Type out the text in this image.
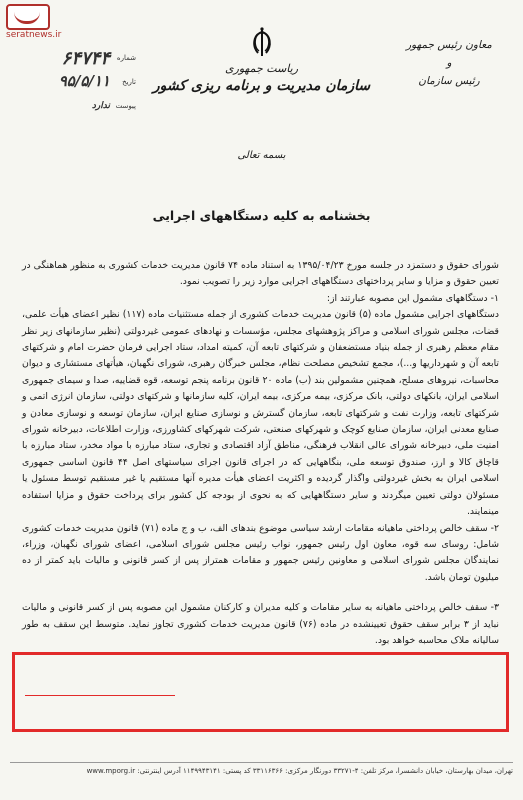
seratnews.ir
شماره
۶۴۷۴۴
تاریخ
۹۵/۵/۱۱
پیوست
ندارد
ریاست جمهوری
سازمان مدیریت و برنامه ریزی کشور
معاون رئیس جمهور
و
رئیس سازمان
بسمه تعالی
بخشنامه به کلیه دستگاههای اجرایی

شورای حقوق و دستمزد در جلسه مورخ ۱۳۹۵/۰۴/۲۳ به استناد ماده ۷۴ قانون مدیریت خدمات کشوری به منظور هماهنگی در تعیین حقوق و مزایا و سایر پرداختهای دستگاههای اجرایی موارد زیر را تصویب نمود.

۱- دستگاههای مشمول این مصوبه عبارتند از:

دستگاههای اجرایی مشمول ماده (۵) قانون مدیریت خدمات کشوری از جمله مستثنیات ماده (۱۱۷) نظیر اعضای هیأت علمی، قضات، مجلس شورای اسلامی و مراکز پژوهشهای مجلس، مؤسسات و نهادهای عمومی غیردولتی (نظیر سازمانهای زیر نظر مقام معظم رهبری از جمله بنیاد مستضعفان و شرکتهای تابعه آن، کمیته امداد، ستاد اجرایی فرمان حضرت امام و شرکتهای تابعه آن و شهرداریها و...)، مجمع تشخیص مصلحت نظام، مجلس خبرگان رهبری، شورای نگهبان، هیأتهای مستشاری و دیوان محاسبات، نیروهای مسلح، همچنین مشمولین بند (ب) ماده ۲۰ قانون برنامه پنجم توسعه، قوه قضاییه، صدا و سیمای جمهوری اسلامی ایران، بانکهای دولتی، بانک مرکزی، بیمه مرکزی، بیمه ایران، کلیه سازمانها و شرکتهای دولتی، سازمان انرژی اتمی و شرکتهای تابعه، وزارت نفت و شرکتهای تابعه، سازمان گسترش و نوسازی صنایع ایران، سازمان توسعه و نوسازی معادن و صنایع معدنی ایران، سازمان صنایع کوچک و شهرکهای صنعتی، شرکت شهرکهای کشاورزی، وزارت اطلاعات، دبیرخانه شورای امنیت ملی، دبیرخانه شورای عالی انقلاب فرهنگی، مناطق آزاد اقتصادی و تجاری، ستاد مبارزه با مواد مخدر، ستاد مبارزه با قاچاق کالا و ارز، صندوق توسعه ملی، بنگاههایی که در اجرای قانون اجرای سیاستهای اصل ۴۴ قانون اساسی جمهوری اسلامی ایران به بخش غیردولتی واگذار گردیده و اکثریت اعضای هیأت مدیره آنها مستقیم یا غیر مستقیم توسط مسئول یا مسئولان دولتی تعیین میگردند و سایر دستگاههایی که به نحوی از بودجه کل کشور برای پرداخت حقوق و مزایا استفاده مینمایند.

۲- سقف خالص پرداختی ماهیانه مقامات ارشد سیاسی موضوع بندهای الف، ب و ج ماده (۷۱) قانون مدیریت خدمات کشوری شامل: روسای سه قوه، معاون اول رئیس جمهور، نواب رئیس مجلس شورای اسلامی، اعضای شورای نگهبان، وزراء، نمایندگان مجلس شورای اسلامی و معاونین رئیس جمهور و مقامات همتراز پس از کسر قانونی و مالیات باید کمتر از ده میلیون تومان باشد.

۳- سقف خالص پرداختی ماهیانه به سایر مقامات و کلیه مدیران و کارکنان مشمول این مصوبه پس از کسر قانونی و مالیات نباید از ۳ برابر سقف حقوق تعیینشده در ماده (۷۶) قانون مدیریت خدمات کشوری تجاوز نماید. متوسط این سقف به طور سالیانه ملاک محاسبه خواهد بود.

تهران، میدان بهارستان، خیابان دانشسرا، مرکز تلفن: ۴-۳۳۲۷۱ دورنگار مرکزی: ۳۳۱۱۶۳۶۶ کد پستی: ۱۱۴۹۹۴۳۱۴۱ آدرس اینترنتی: www.mporg.ir
